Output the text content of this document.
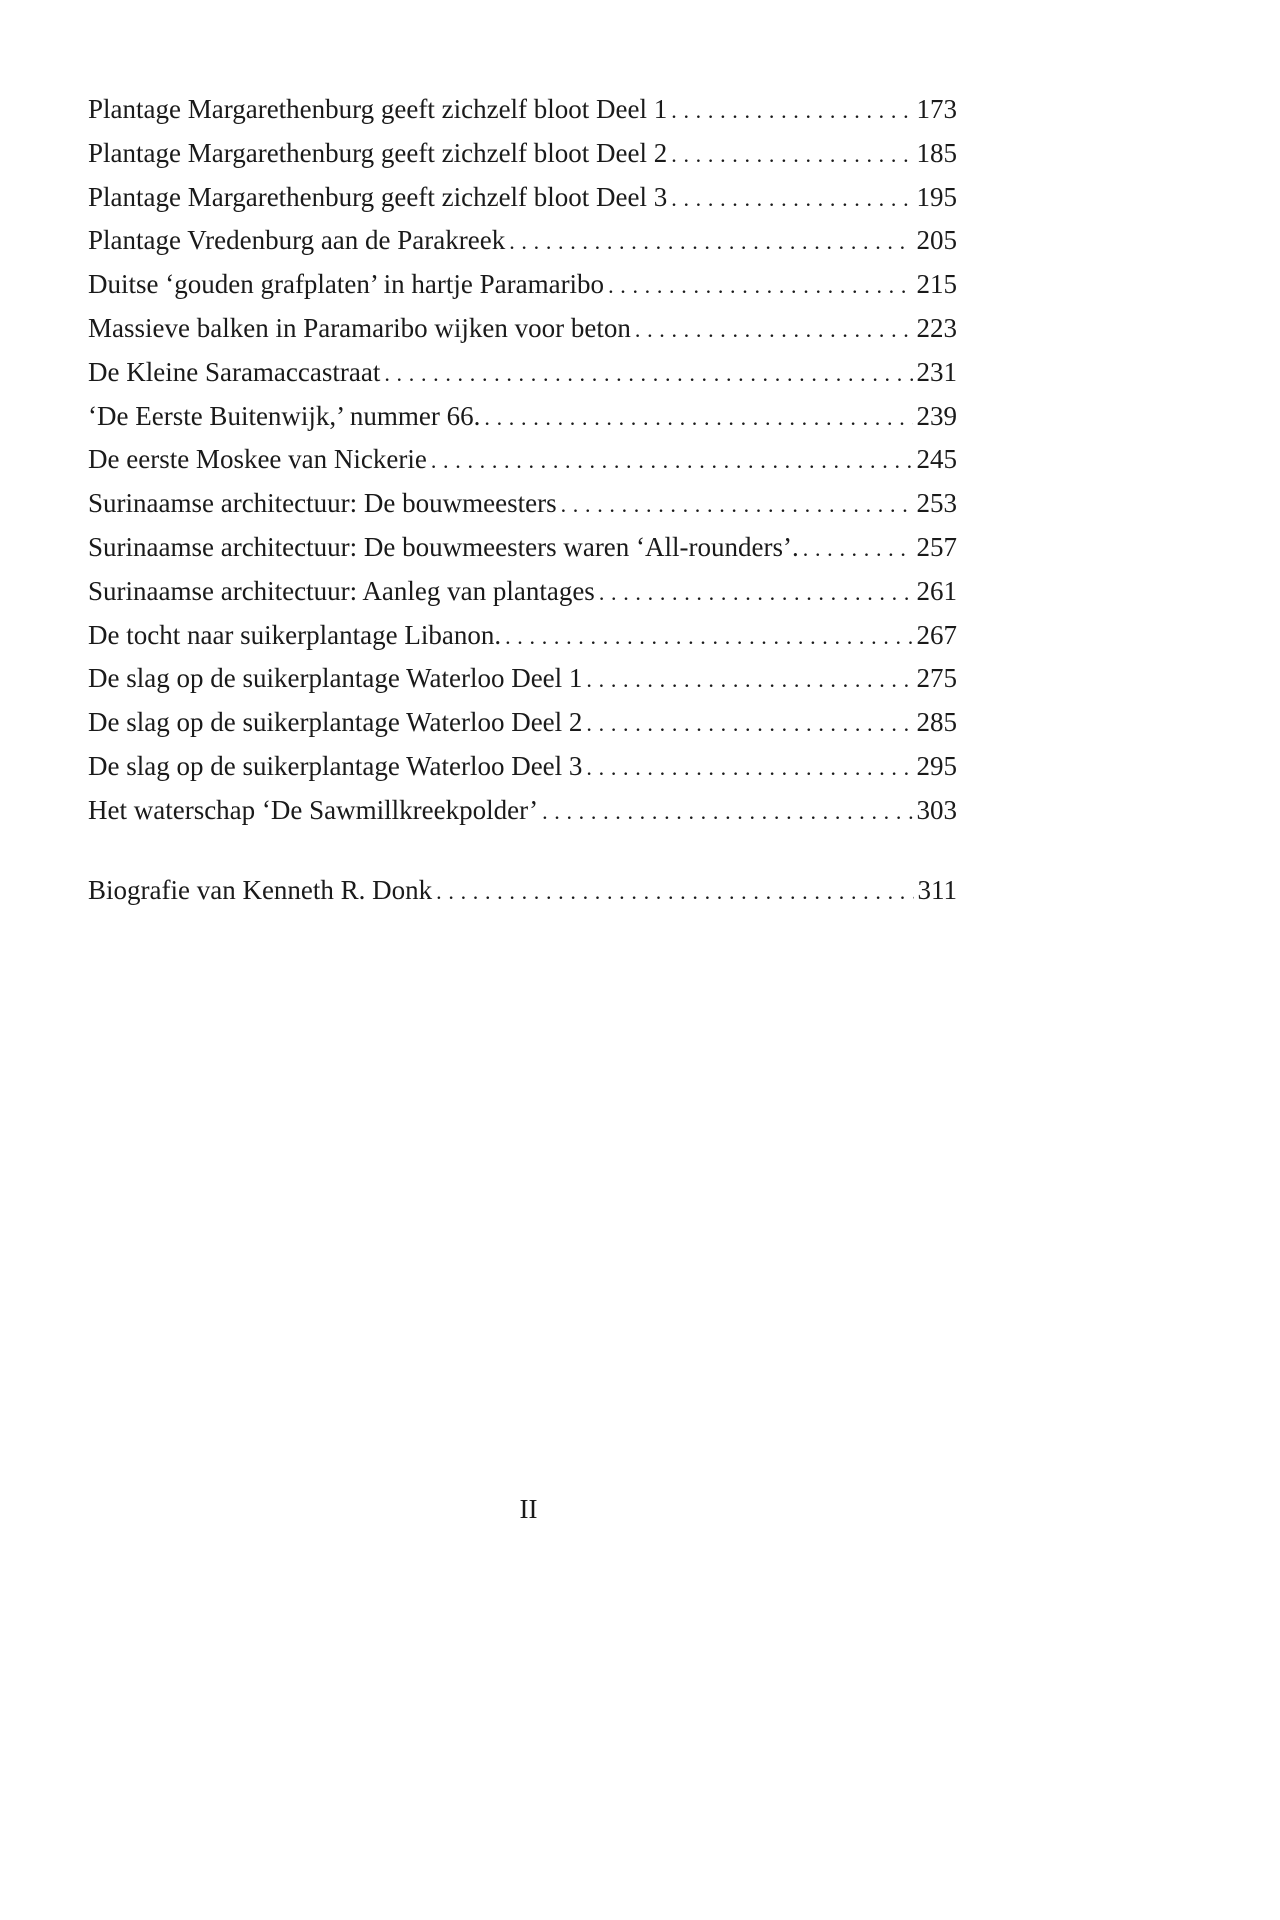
Plantage Margarethenburg geeft zichzelf bloot Deel 1 . . .	173
Plantage Margarethenburg geeft zichzelf bloot Deel 2 . . .	185
Plantage Margarethenburg geeft zichzelf bloot Deel 3 . . .	195
Plantage Vredenburg aan de Parakreek . . .	205
Duitse ‘gouden grafplaten’ in hartje Paramaribo . . .	215
Massieve balken in Paramaribo wijken voor beton . . .	223
De Kleine Saramaccastraat . . .	231
‘De Eerste Buitenwijk,’ nummer 66. . . .	239
De eerste Moskee van Nickerie . . .	245
Surinaamse architectuur: De bouwmeesters . . .	253
Surinaamse architectuur: De bouwmeesters waren ‘All-rounders’. . . .	257
Surinaamse architectuur: Aanleg van plantages . . .	261
De tocht naar suikerplantage Libanon. . . .	267
De slag op de suikerplantage Waterloo Deel 1 . . .	275
De slag op de suikerplantage Waterloo Deel 2 . . .	285
De slag op de suikerplantage Waterloo Deel 3 . . .	295
Het waterschap ‘De Sawmillkreekpolder’ . . .	303
Biografie van Kenneth R. Donk . . .	311
II
